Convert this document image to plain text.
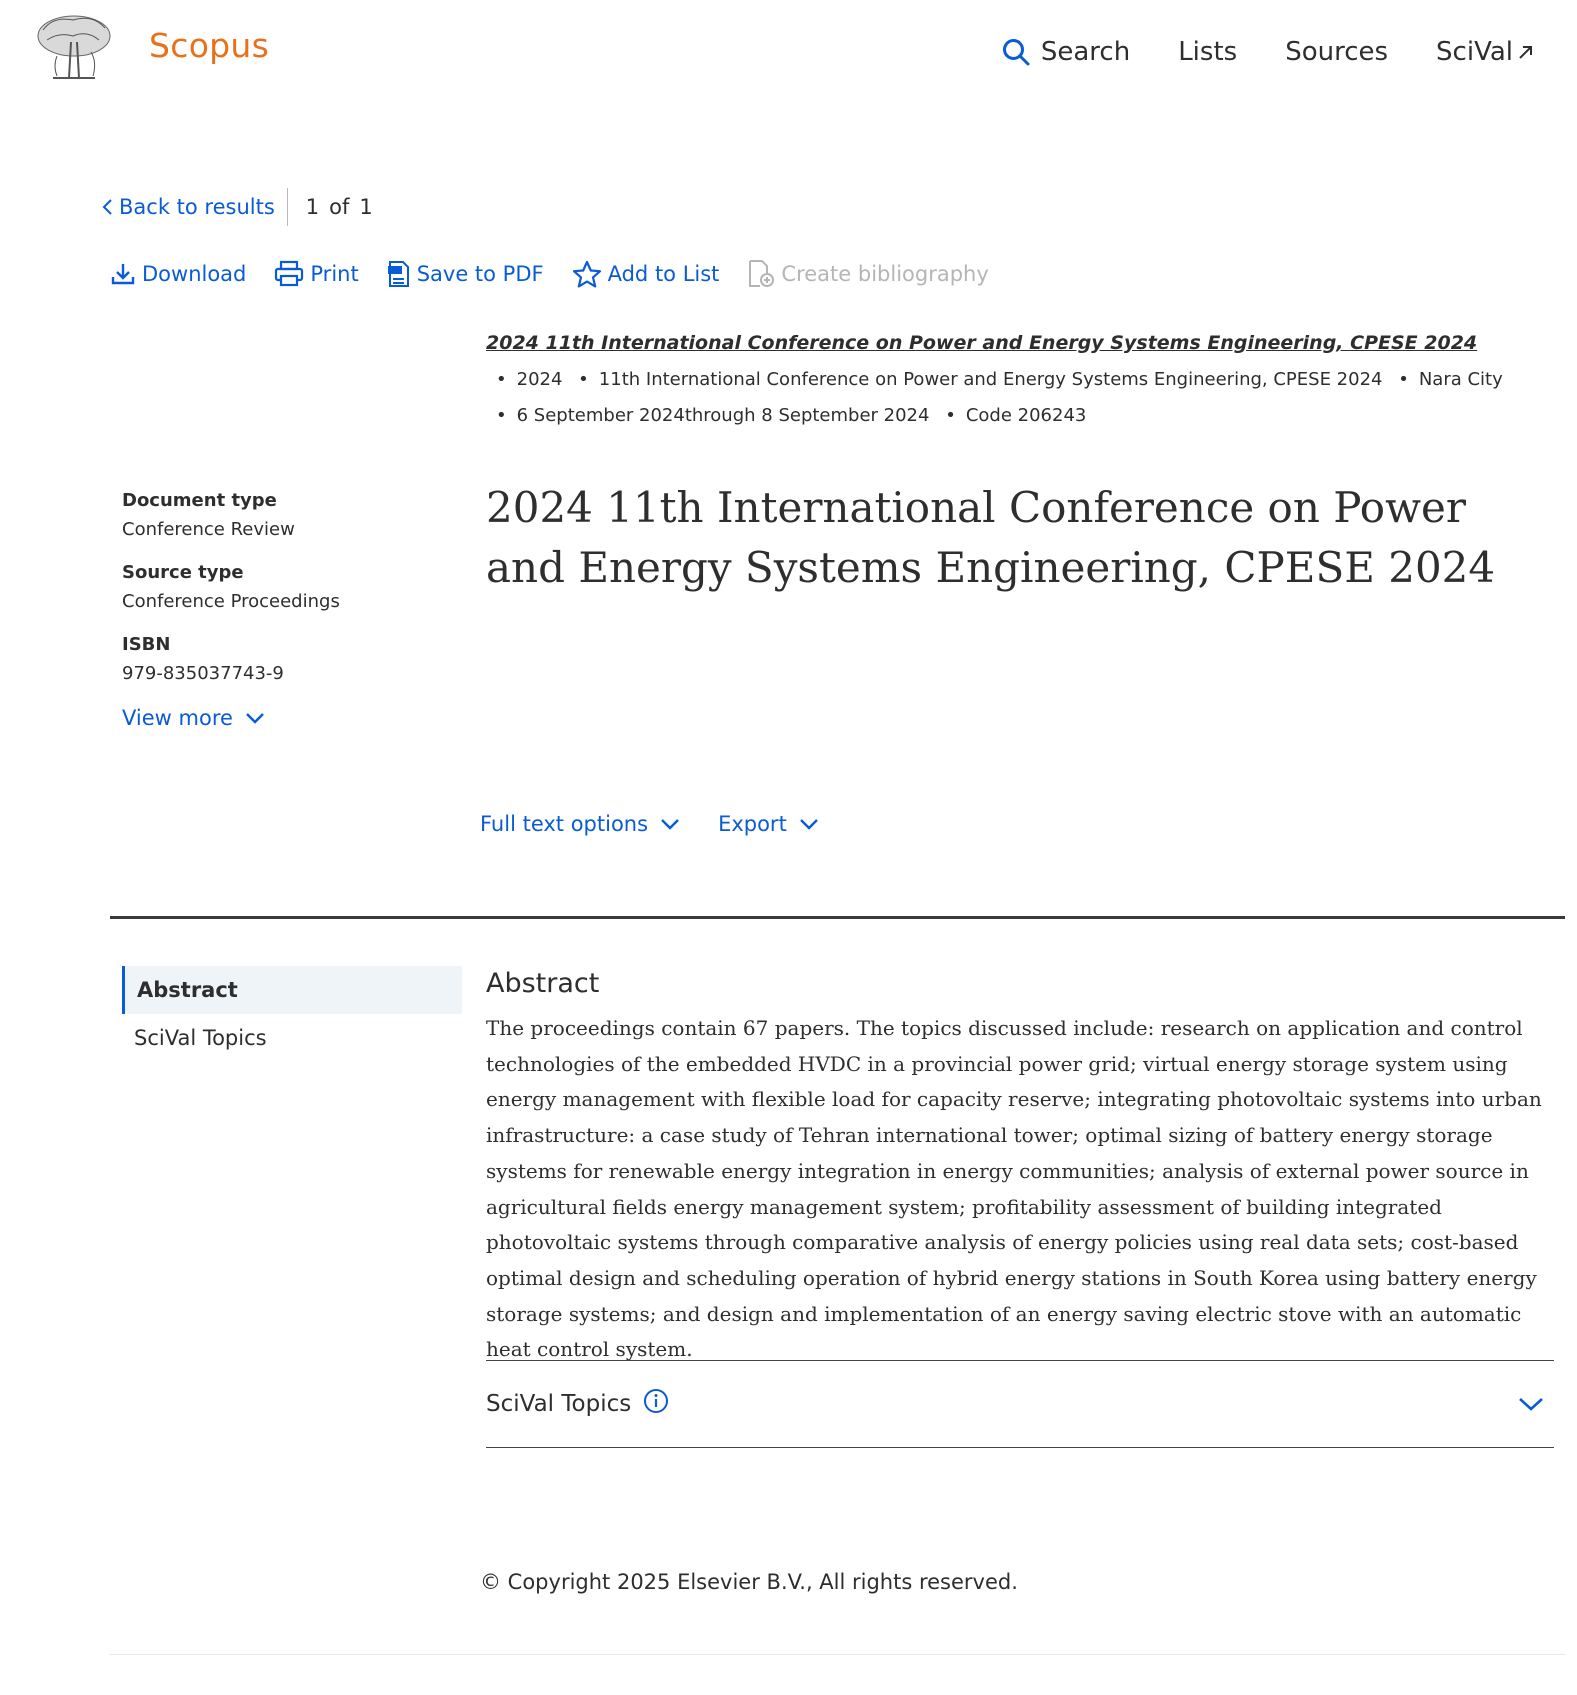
Scopus	Search Lists Sources SciVal
Back to results 1 of 1
Download	Print	Save to PDF	Add to List	Create bibliography
2024 11th International Conference on Power and Energy Systems Engineering, CPESE 2024 • 2024 • 11th International Conference on Power and Energy Systems Engineering, CPESE 2024 • Nara City • 6 September 2024through 8 September 2024 • Code 206243
Document type
Conference Review
Source type
Conference Proceedings
ISBN
979-835037743-9
View more
2024 11th International Conference on Power and Energy Systems Engineering, CPESE 2024
Full text options	Export
Abstract
SciVal Topics
Abstract

The proceedings contain 67 papers. The topics discussed include: research on application and control technologies of the embedded HVDC in a provincial power grid; virtual energy storage system using energy management with flexible load for capacity reserve; integrating photovoltaic systems into urban infrastructure: a case study of Tehran international tower; optimal sizing of battery energy storage systems for renewable energy integration in energy communities; analysis of external power source in agricultural fields energy management system; profitability assessment of building integrated photovoltaic systems through comparative analysis of energy policies using real data sets; cost-based optimal design and scheduling operation of hybrid energy stations in South Korea using battery energy storage systems; and design and implementation of an energy saving electric stove with an automatic heat control system.

SciVal Topics
© Copyright 2025 Elsevier B.V., All rights reserved.
